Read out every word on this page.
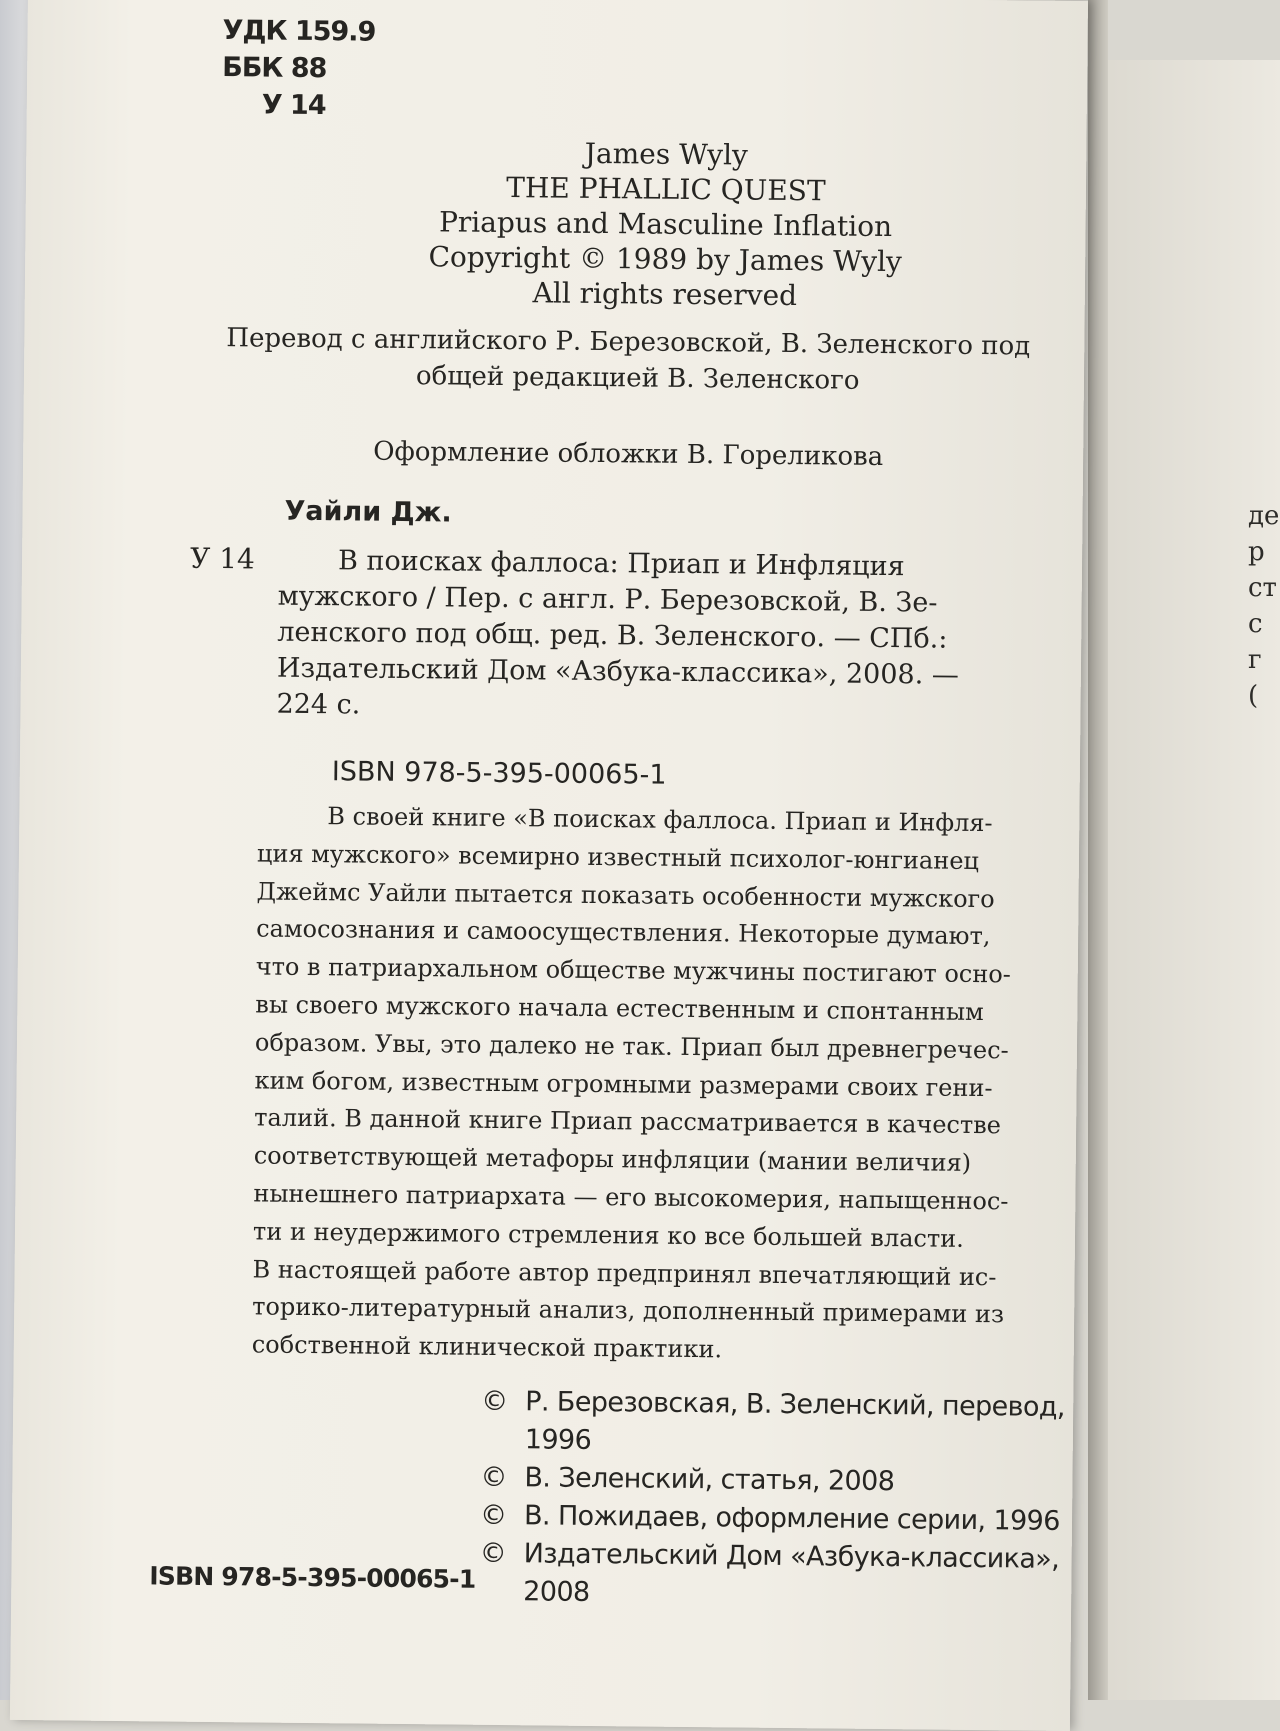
де
р
ст
с
г
(
УДК 159.9
ББК 88
У 14
James Wyly
THE PHALLIC QUEST
Priapus and Masculine Inflation
Copyright © 1989 by James Wyly
All rights reserved
Перевод с английского Р. Березовской, В. Зеленского под
общей редакцией В. Зеленского
Оформление обложки В. Гореликова
Уайли Дж.
У 14	В поисках фаллоса: Приап и Инфляция
мужского / Пер. с англ. Р. Березовской, В. Зе-
ленского под общ. ред. В. Зеленского. — СПб.:
Издательский Дом «Азбука-классика», 2008. —
224 с.
ISBN 978-5-395-00065-1
В своей книге «В поисках фаллоса. Приап и Инфля-
ция мужского» всемирно известный психолог-юнгианец
Джеймс Уайли пытается показать особенности мужского
самосознания и самоосуществления. Некоторые думают,
что в патриархальном обществе мужчины постигают осно-
вы своего мужского начала естественным и спонтанным
образом. Увы, это далеко не так. Приап был древнегречес-
ким богом, известным огромными размерами своих гени-
талий. В данной книге Приап рассматривается в качестве
соответствующей метафоры инфляции (мании величия)
нынешнего патриархата — его высокомерия, напыщеннос-
ти и неудержимого стремления ко все большей власти.
В настоящей работе автор предпринял впечатляющий ис-
торико-литературный анализ, дополненный примерами из
собственной клинической практики.
© Р. Березовская, В. Зеленский, перевод,
1996
© В. Зеленский, статья, 2008
© В. Пожидаев, оформление серии, 1996
© Издательский Дом «Азбука-классика»,
2008
ISBN 978-5-395-00065-1
